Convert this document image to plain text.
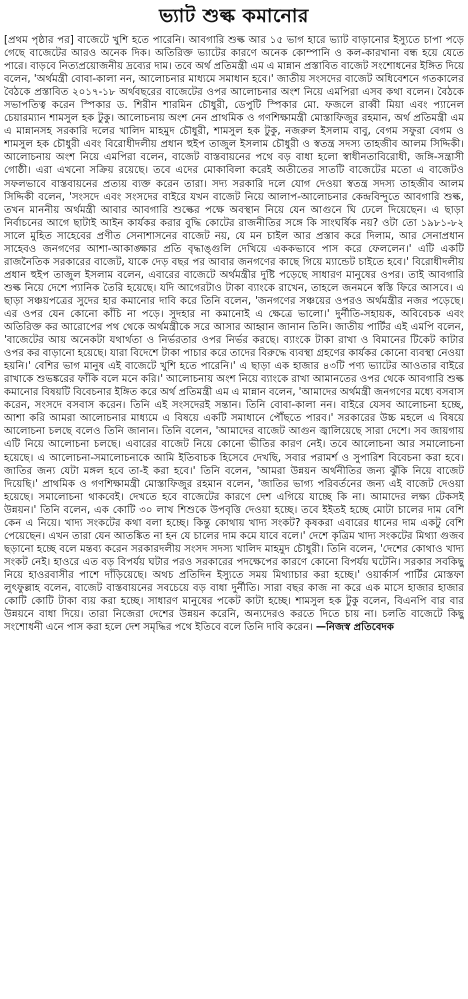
ভ্যাট শুল্ক কমানোর

[প্রথম পৃষ্ঠার পর] বাজেটে খুশি হতে পারেনি। আবগারি শুল্ক আর ১৫ ভাগ হারে ভ্যাট বাড়ানোর ইস্যুতে চাপা পড়ে গেছে বাজেটের আরও অনেক দিক। অতিরিক্ত ভ্যাটের কারণে অনেক কোম্পানি ও কল-কারখানা বন্ধ হয়ে যেতে পারে। বাড়বে নিত্যপ্রয়োজনীয় দ্রব্যের দাম। তবে অর্থ প্রতিমন্ত্রী এম এ মান্নান প্রস্তাবিত বাজেট সংশোধনের ইঙ্গিত দিয়ে বলেন, 'অর্থমন্ত্রী বোবা-কালা নন, আলোচনার মাধ্যমে সমাধান হবে।' জাতীয় সংসদের বাজেট অধিবেশনে গতকালের বৈঠকে প্রস্তাবিত ২০১৭-১৮ অর্থবছরের বাজেটের ওপর আলোচনার অংশ নিয়ে এমপিরা এসব কথা বলেন। বৈঠকে সভাপতিত্ব করেন স্পিকার ড. শিরীন শারমিন চৌধুরী, ডেপুটি স্পিকার মো. ফজলে রাব্বী মিয়া এবং প্যানেল চেয়ারম্যান শামসুল হক টুকু। আলোচনায় অংশ নেন প্রাথমিক ও গণশিক্ষামন্ত্রী মোস্তাফিজুর রহমান, অর্থ প্রতিমন্ত্রী এম এ মান্নানসহ সরকারি দলের খালিদ মাহমুদ চৌধুরী, শামসুল হক টুকু, নজরুল ইসলাম বাবু, বেগম সফুরা বেগম ও শামসুল হক চৌধুরী এবং বিরোধীদলীয় প্রধান হুইপ তাজুল ইসলাম চৌধুরী ও স্বতন্ত্র সদস্য তাহজীব আলম সিদ্দিকী। আলোচনায় অংশ নিয়ে এমপিরা বলেন, বাজেট বাস্তবায়নের পথে বড় বাধা হলো স্বাধীনতাবিরোধী, জঙ্গি-সন্ত্রাসী গোষ্ঠী। এরা এখনো সক্রিয় রয়েছে। তবে এদের মোকাবিলা করেই অতীতের সাতটি বাজেটের মতো এ বাজেটও সফলভাবে বাস্তবায়নের প্রত্যয় ব্যক্ত করেন তারা। সদ্য সরকারি দলে যোগ দেওয়া স্বতন্ত্র সদস্য তাহজীব আলম সিদ্দিকী বলেন, 'সংসদে এবং সংসদের বাইরে যখন বাজেট নিয়ে আলাপ-আলোচনার কেন্দ্রবিন্দুতে আবগারি শুল্ক, তখন মাননীয় অর্থমন্ত্রী আবার আবগারি শুল্কের পক্ষে অবস্থান নিয়ে যেন আগুনে ঘি ঢেলে দিয়েছেন। এ ছাড়া নির্বাচনের আগে ছাটাই আইন কার্যকর করার বুদ্ধি কোটের রাজনীতির সঙ্গে কি সাংঘর্ষিক নয়? ওটা তো ১৯৮১-৮২ সালে মুহিত সাহেবের প্রণীত সেনাশাসনের বাজেট নয়, যে মন চাইল আর প্রস্তাব করে দিলাম, আর সেনাপ্রধান সাহেবও জনগণের আশা-আকাঙ্ক্ষার প্রতি বৃদ্ধাঙ্গুলি দেখিয়ে এককভাবে পাস করে ফেললেন।' এটি একটি রাজনৈতিক সরকারের বাজেট, যাকে দেড় বছর পর আবার জনগণের কাছে গিয়ে ম্যান্ডেট চাইতে হবে।' বিরোধীদলীয় প্রধান হুইপ তাজুল ইসলাম বলেন, এবারের বাজেটে অর্থমন্ত্রীর দুষ্টি পড়েছে সাধারণ মানুষের ওপর। তাই আবগারি শুল্ক নিয়ে দেশে প্যানিক তৈরি হয়েছে। যদি আগেরটাও টাকা ব্যাংকে রাখেন, তাহলে জনমনে স্বস্তি ফিরে আসবে। এ ছাড়া সঞ্চয়পত্রের সুদের হার কমানোর দাবি করে তিনি বলেন, 'জনগণের সঞ্চয়ের ওপরও অর্থমন্ত্রীর নজর পড়েছে। এর ওপর যেন কোনো কাঁচি না পড়ে। সুদহার না কমানোই এ ক্ষেত্রে ভালো।' দুর্নীতি-সহায়ক, অবিবেচক এবং অতিরিক্ত কর আরোপের পথ থেকে অর্থমন্ত্রীকে সরে আসার আহ্বান জানান তিনি। জাতীয় পার্টির এই এমপি বলেন, 'বাজেটের আয় অনেকটা যথার্থতা ও নির্ভরতার ওপর নির্ভর করছে। ব্যাংকে টাকা রাখা ও বিমানের টিকেট কাটার ওপর কর বাড়ানো হয়েছে। যারা বিদেশে টাকা পাচার করে তাদের বিরুদ্ধে ব্যবস্থা গ্রহণের কার্যকর কোনো ব্যবস্থা নেওয়া হয়নি।' বেশির ভাগ মানুষ এই বাজেটে খুশি হতে পারেনি।' এ ছাড়া এক হাজার ৪৩টি পণ্য ভ্যাটের আওতার বাইরে রাখাকে শুভঙ্করের ফাঁকি বলে মনে করি।' আলোচনায় অংশ নিয়ে ব্যাংকে রাখা আমানতের ওপর থেকে আবগারি শুল্ক কমানোর বিষয়টি বিবেচনার ইঙ্গিত করে অর্থ প্রতিমন্ত্রী এম এ মান্নান বলেন, 'আমাদের অর্থমন্ত্রী জনগণের মধ্যে বসবাস করেন, সংসদে বসবাস করেন। তিনি এই সংসদেরই সন্তান। তিনি বোবা-কালা নন। বাইরে যেসব আলোচনা হচ্ছে, আশা করি আমরা আলোচনার মাধ্যমে এ বিষয়ে একটি সমাধানে পৌঁছতে পারব।' সরকারের উচ্চ মহলে এ বিষয়ে আলোচনা চলছে বলেও তিনি জানান। তিনি বলেন, 'আমাদের বাজেট আগুন জ্বালিয়েছে সারা দেশে। সব জায়গায় এটি নিয়ে আলোচনা চলছে। এবারের বাজেট নিয়ে কোনো ভীতির কারণ নেই। তবে আলোচনা আর সমালোচনা হয়েছে। এ আলোচনা-সমালোচনাকে আমি ইতিবাচক হিসেবে দেখছি, সবার পরামর্শ ও সুপারিশ বিবেচনা করা হবে। জাতির জন্য যেটা মঙ্গল হবে তা-ই করা হবে।' তিনি বলেন, 'আমরা উন্নয়ন অর্থনীতির জন্য ঝুঁকি নিয়ে বাজেট দিয়েছি।' প্রাথমিক ও গণশিক্ষামন্ত্রী মোস্তাফিজুর রহমান বলেন, 'জাতির ভাগ্য পরিবর্তনের জন্য এই বাজেট দেওয়া হয়েছে। সমালোচনা থাকবেই। দেখতে হবে বাজেটের কারণে দেশ এগিয়ে যাচ্ছে কি না। আমাদের লক্ষ্য টেকসই উন্নয়ন।' তিনি বলেন, এক কোটি ৩০ লাখ শিশুকে উপবৃত্তি দেওয়া হচ্ছে। তবে ইইতই হচ্ছে মোটা চালের দাম বেশি কেন এ নিয়ে। খাদ্য সংকটের কথা বলা হচ্ছে। কিন্তু কোথায় খাদ্য সংকট? কৃষকরা এবারের ধানের দাম একটু বেশি পেয়েছেন। এখন তারা যেন আতঙ্কিত না হন যে চালের দাম কমে যাবে বলে।' দেশে কৃত্রিম খাদ্য সংকটের মিথ্যা গুজব ছড়ানো হচ্ছে বলে মন্তব্য করেন সরকারদলীয় সংসদ সদস্য খালিদ মাহমুদ চৌধুরী। তিনি বলেন, 'দেশের কোথাও খাদ্য সংকট নেই। হাওরে এত বড় বিপর্যয় ঘটার পরও সরকারের পদক্ষেপের কারণে কোনো বিপর্যয় ঘটেনি। সরকার সবকিছু নিয়ে হাওরবাসীর পাশে দাঁড়িয়েছে। অথচ প্রতিদিন ইস্যুতে সময় মিথ্যাচার করা হচ্ছে।' ওয়ার্কার্স পার্টির মোস্তফা লুৎফুল্লাহ বলেন, বাজেট বাস্তবায়নের সবচেয়ে বড় বাধা দুর্নীতি। সারা বছর কাজ না করে এক মাসে হাজার হাজার কোটি কোটি টাকা ব্যয় করা হচ্ছে। সাধারণ মানুষের পকেট কাটা হচ্ছে। শামসুল হক টুকু বলেন, বিএনপি বার বার উন্নয়নে বাধা দিয়ে। তারা নিজেরা দেশের উন্নয়ন করেনি, অন্যদেরও করতে দিতে চায় না। চলতি বাজেটে কিছু সংশোধনী এনে পাস করা হলে দেশ সমৃদ্ধির পথে ইতিবে বলে তিনি দাবি করেন। —নিজস্ব প্রতিবেদক
